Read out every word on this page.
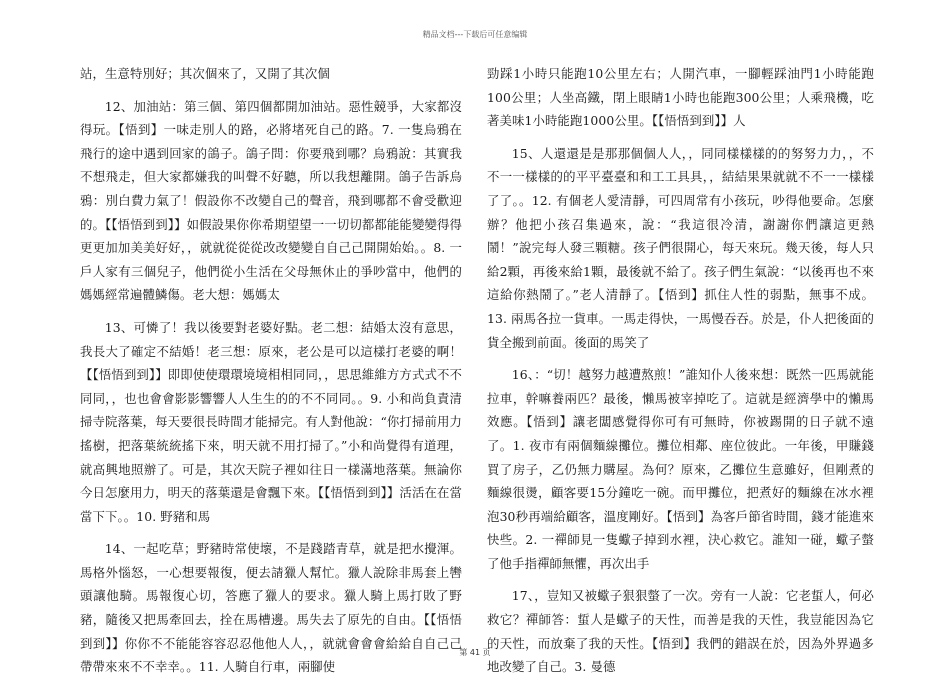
精品文档---下载后可任意编辑

站，生意特別好；其次個來了，又開了其次個

12、加油站：第三個、第四個都開加油站。惡性競爭，大家都沒得玩。【悟到】一味走別人的路，必將堵死自己的路。7. 一隻烏鴉在飛行的途中遇到回家的鴿子。鴿子問：你要飛到哪？烏鴉說：其實我不想飛走，但大家都嫌我的叫聲不好聽，所以我想離開。鴿子告訴烏鴉：別白費力氣了！假設你不改變自己的聲音，飛到哪都不會受歡迎的。【【悟悟到到】】如假設果你你希期望望一一切切都都能能變變得得更更加加美美好好，，就就從從從改改變變自自己己開開始始。。8. 一戶人家有三個兒子，他們從小生活在父母無休止的爭吵當中，他們的媽媽經常遍體鱗傷。老大想：媽媽太

13、可憐了！我以後要對老婆好點。老二想：結婚太沒有意思，我長大了確定不結婚！老三想：原來，老公是可以這樣打老婆的啊！【【悟悟到到】】即即使使環環境境相相同同，，思思維維方方式式不不同同，，也也會會影影響響人人生生的的不不同同。。9. 小和尚負責清掃寺院落葉，每天要很長時間才能掃完。有人對他說：“你打掃前用力搖樹，把落葉統統搖下來，明天就不用打掃了。”小和尚覺得有道理，就高興地照辦了。可是，其次天院子裡如往日一樣滿地落葉。無論你今日怎麼用力，明天的落葉還是會飄下來。【【悟悟到到】】活活在在當當下下。。10. 野豬和馬

14、一起吃草；野豬時常使壞，不是踐踏青草，就是把水攪渾。馬格外惱怒，一心想要報復，便去請獵人幫忙。獵人說除非馬套上轡頭讓他騎。馬報復心切，答應了獵人的要求。獵人騎上馬打敗了野豬，隨後又把馬牽回去，拴在馬槽邊。馬失去了原先的自由。【【悟悟到到】】你你不不能能容容忍忍他他人人，，就就會會會給給自自己己帶帶來來不不幸幸。。11. 人騎自行車，兩腳使

勁踩1小時只能跑10公里左右；人開汽車，一腳輕踩油門1小時能跑100公里；人坐高鐵，閉上眼睛1小時也能跑300公里；人乘飛機，吃著美味1小時能跑1000公里。【【悟悟到到】】人

15、人還還是是那那個個人人，，同同樣樣樣的的努努力力，，不不一一樣樣的的平平臺臺和和工工具具，，結結果果就就不不一一樣樣了了。。12. 有個老人愛清靜，可四周常有小孩玩，吵得他要命。怎麼辦？他把小孩召集過來，說：“我這很冷清，謝謝你們讓這更熱鬧！”說完每人發三顆糖。孩子們很開心，每天來玩。幾天後，每人只給2顆，再後來給1顆，最後就不給了。孩子們生氣說：“以後再也不來這給你熱鬧了。”老人清靜了。【悟到】抓住人性的弱點，無事不成。13. 兩馬各拉一貨車。一馬走得快，一馬慢吞吞。於是，仆人把後面的貨全搬到前面。後面的馬笑了

16、：“切！越努力越遭熬煎！”誰知仆人後來想：既然一匹馬就能拉車，幹嘛養兩匹？最後，懶馬被宰掉吃了。這就是經濟學中的懶馬效應。【悟到】讓老闆感覺得你可有可無時，你被踢開的日子就不遠了。1. 夜市有兩個麵線攤位。攤位相鄰、座位彼此。一年後，甲賺錢買了房子，乙仍無力購屋。為何？原來，乙攤位生意雖好，但剛煮的麵線很燙，顧客要15分鐘吃一碗。而甲攤位，把煮好的麵線在冰水裡泡30秒再端給顧客，溫度剛好。【悟到】為客戶節省時間，錢才能進來快些。2. 一禪師見一隻蠍子掉到水裡，決心救它。誰知一碰，蠍子螫了他手指禪師無懼，再次出手

17、，豈知又被蠍子狠狠螫了一次。旁有一人說：它老蜇人，何必救它？禪師答：蜇人是蠍子的天性，而善是我的天性，我豈能因為它的天性，而放棄了我的天性。【悟到】我們的錯誤在於，因為外界過多地改變了自己。3. 曼德

第 41 页
